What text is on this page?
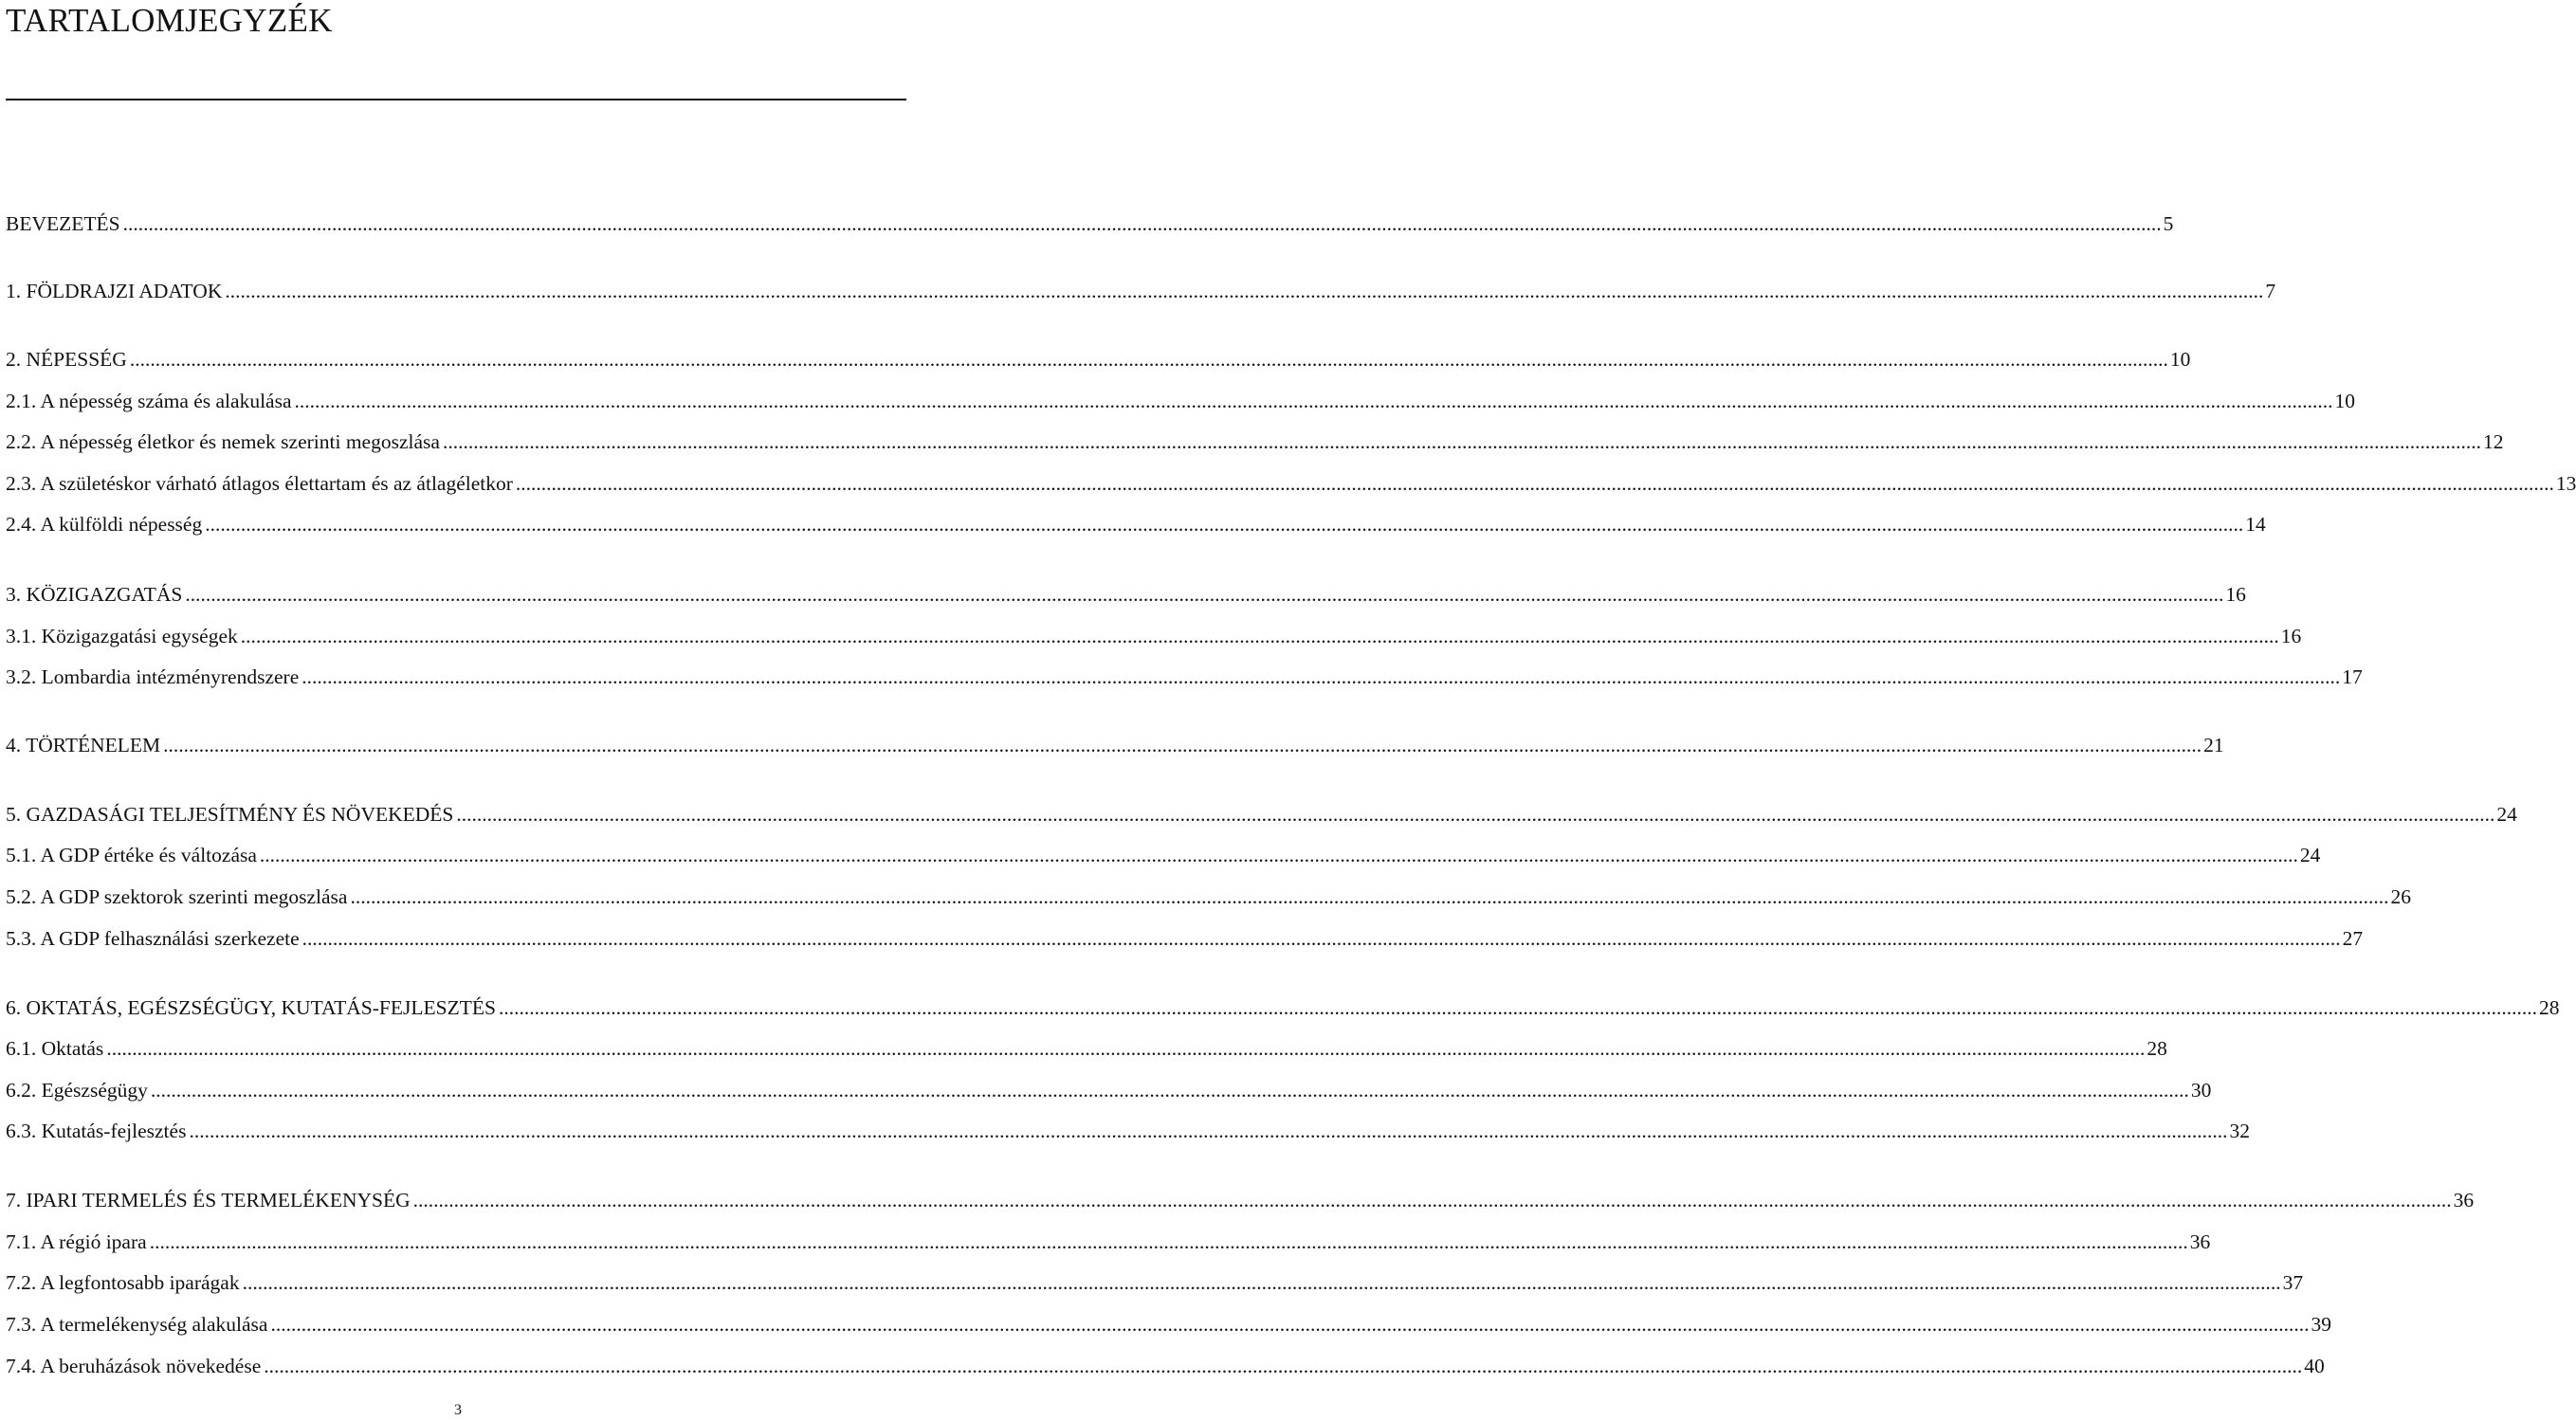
TARTALOMJEGYZÉK
BEVEZETÉS ................................................................................................................................................................................................................................................................................................................................................................................................................ 5
1. FÖLDRAJZI ADATOK ................................................................................................................................................................................................................................................................................................................................................................................................................ 7
2. NÉPESSÉG ................................................................................................................................................................................................................................................................................................................................................................................................................ 10
2.1. A népesség száma és alakulása ................................................................................................................................................................................................................................................................................................................................................................................................................ 10
2.2. A népesség életkor és nemek szerinti megoszlása ................................................................................................................................................................................................................................................................................................................................................................................................................ 12
2.3. A születéskor várható átlagos élettartam és az átlagéletkor ................................................................................................................................................................................................................................................................................................................................................................................................................ 13
2.4. A külföldi népesség ................................................................................................................................................................................................................................................................................................................................................................................................................ 14
3. KÖZIGAZGATÁS ................................................................................................................................................................................................................................................................................................................................................................................................................ 16
3.1. Közigazgatási egységek ................................................................................................................................................................................................................................................................................................................................................................................................................ 16
3.2. Lombardia intézményrendszere ................................................................................................................................................................................................................................................................................................................................................................................................................ 17
4. TÖRTÉNELEM ................................................................................................................................................................................................................................................................................................................................................................................................................ 21
5. GAZDASÁGI TELJESÍTMÉNY ÉS NÖVEKEDÉS ................................................................................................................................................................................................................................................................................................................................................................................................................ 24
5.1. A GDP értéke és változása ................................................................................................................................................................................................................................................................................................................................................................................................................ 24
5.2. A GDP szektorok szerinti megoszlása ................................................................................................................................................................................................................................................................................................................................................................................................................ 26
5.3. A GDP felhasználási szerkezete ................................................................................................................................................................................................................................................................................................................................................................................................................ 27
6. OKTATÁS, EGÉSZSÉGÜGY, KUTATÁS-FEJLESZTÉS ................................................................................................................................................................................................................................................................................................................................................................................................................ 28
6.1. Oktatás ................................................................................................................................................................................................................................................................................................................................................................................................................ 28
6.2. Egészségügy ................................................................................................................................................................................................................................................................................................................................................................................................................ 30
6.3. Kutatás-fejlesztés ................................................................................................................................................................................................................................................................................................................................................................................................................ 32
7. IPARI TERMELÉS ÉS TERMELÉKENYSÉG ................................................................................................................................................................................................................................................................................................................................................................................................................ 36
7.1. A régió ipara ................................................................................................................................................................................................................................................................................................................................................................................................................ 36
7.2. A legfontosabb iparágak ................................................................................................................................................................................................................................................................................................................................................................................................................ 37
7.3. A termelékenység alakulása ................................................................................................................................................................................................................................................................................................................................................................................................................ 39
7.4. A beruházások növekedése ................................................................................................................................................................................................................................................................................................................................................................................................................ 40
3
